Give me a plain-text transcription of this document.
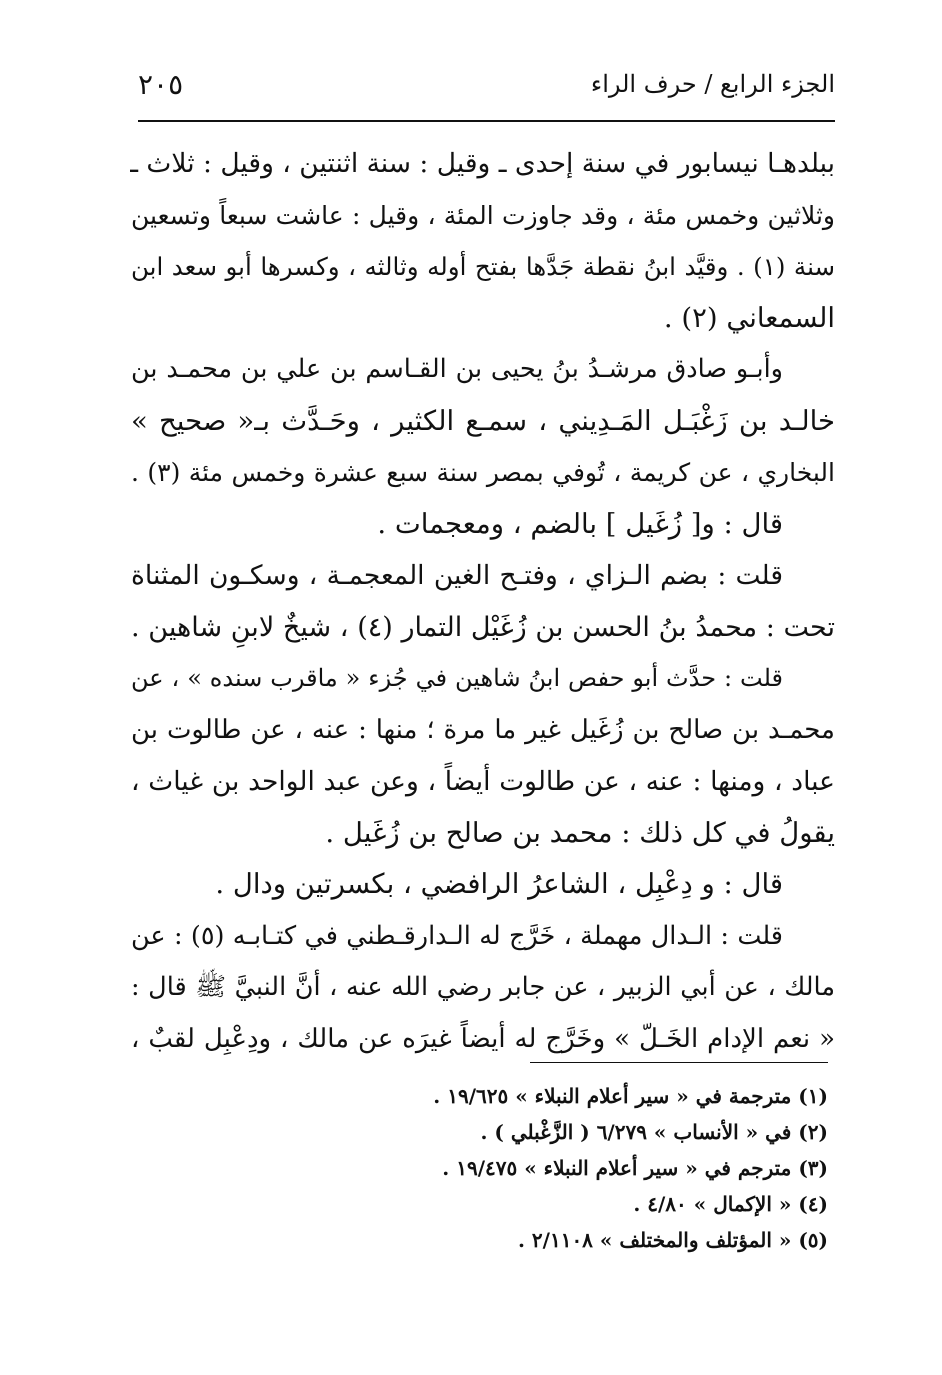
الجزء الرابع / حرف الراء
٢٠٥
ببلدهـا نيسابور في سنة إحدى ـ وقيل : سنة اثنتين ، وقيل : ثلاث ـ
وثلاثين وخمس مئة ، وقد جاوزت المئة ، وقيل : عاشت سبعاً وتسعين
سنة (١) . وقيَّد ابنُ نقطة جَدَّها بفتح أوله وثالثه ، وكسرها أبو سعد ابن
السمعاني (٢) .
وأبـو صادق مرشـدُ بنُ يحيى بن القـاسم بن علي بن محمـد بن
خالـد بن زَغْبَـل المَـدِيني ، سمـع الكثير ، وحَـدَّث بـ« صحيح »
البخاري ، عن كريمة ، تُوفي بمصر سنة سبع عشرة وخمس مئة (٣) .
قال : و[ زُغَيل ] بالضم ، ومعجمات .
قلت : بضم الـزاي ، وفتـح الغين المعجمـة ، وسكـون المثناة
تحت : محمدُ بنُ الحسن بن زُغَيْل التمار (٤) ، شيخٌ لابنِ شاهين .
قلت : حدَّث أبو حفص ابنُ شاهين في جُزء « ماقرب سنده » ، عن
محمـد بن صالح بن زُغَيل غير ما مرة ؛ منها : عنه ، عن طالوت بن
عباد ، ومنها : عنه ، عن طالوت أيضاً ، وعن عبد الواحد بن غياث ،
يقولُ في كل ذلك : محمد بن صالح بن زُغَيل .
قال : و دِعْبِل ، الشاعرُ الرافضي ، بكسرتين ودال .
قلت : الـدال مهملة ، خَرَّج له الـدارقـطني في كتـابـه (٥) : عن
مالك ، عن أبي الزبير ، عن جابر رضي الله عنه ، أنَّ النبيَّ ﷺ قال :
« نعم الإدام الخَـلّ » وخَرَّج له أيضاً غيرَه عن مالك ، ودِعْبِل لقبٌ ،
(١) مترجمة في « سير أعلام النبلاء » ١٩/٦٢٥ .
(٢) في « الأنساب » ٦/٢٧٩ ( الزَّغْبلي ) .
(٣) مترجم في « سير أعلام النبلاء » ١٩/٤٧٥ .
(٤) « الإكمال » ٤/٨٠ .
(٥) « المؤتلف والمختلف » ٢/١١٠٨ .
